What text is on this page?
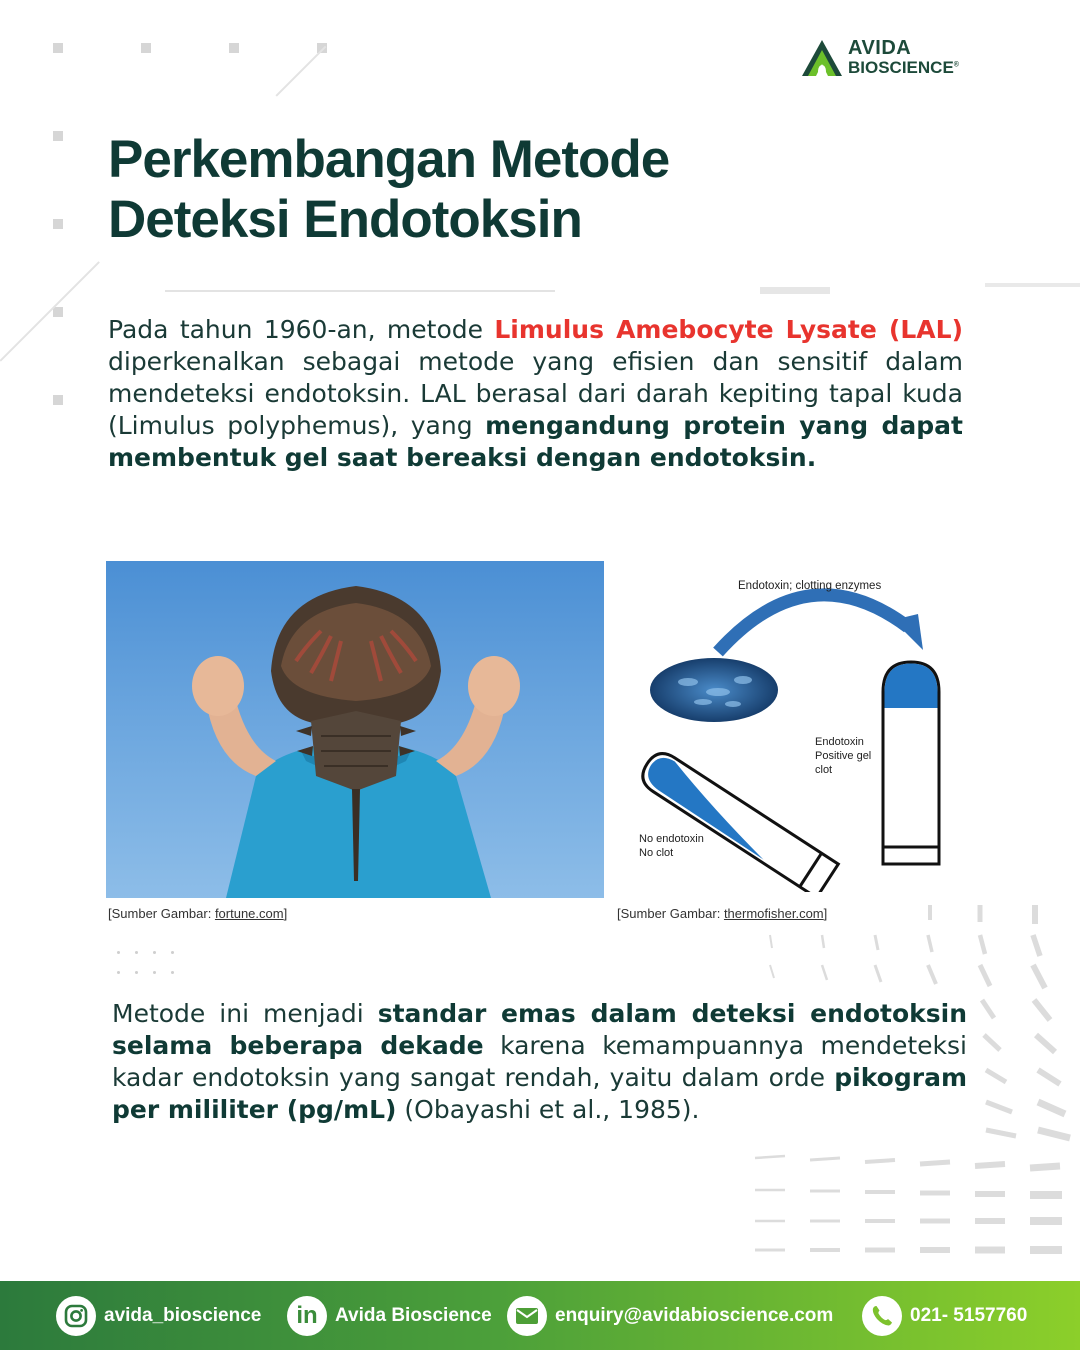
AVIDA
BIOSCIENCE®
Perkembangan Metode
Deteksi Endotoksin

Pada tahun 1960-an, metode Limulus Amebocyte Lysate (LAL) diperkenalkan sebagai metode yang efisien dan sensitif dalam mendeteksi endotoksin. LAL berasal dari darah kepiting tapal kuda (Limulus polyphemus), yang mengandung protein yang dapat membentuk gel saat bereaksi dengan endotoksin.

[Sumber Gambar: fortune.com]
Endotoxin; clotting enzymes
Endotoxin
Positive gel
clot
No endotoxin
No clot
[Sumber Gambar: thermofisher.com]

Metode ini menjadi standar emas dalam deteksi endotoksin selama beberapa dekade karena kemampuannya mendeteksi kadar endotoksin yang sangat rendah, yaitu dalam orde pikogram per mililiter (pg/mL) (Obayashi et al., 1985).

avida_bioscience in Avida Bioscience	enquiry@avidabioscience.com	021- 5157760
